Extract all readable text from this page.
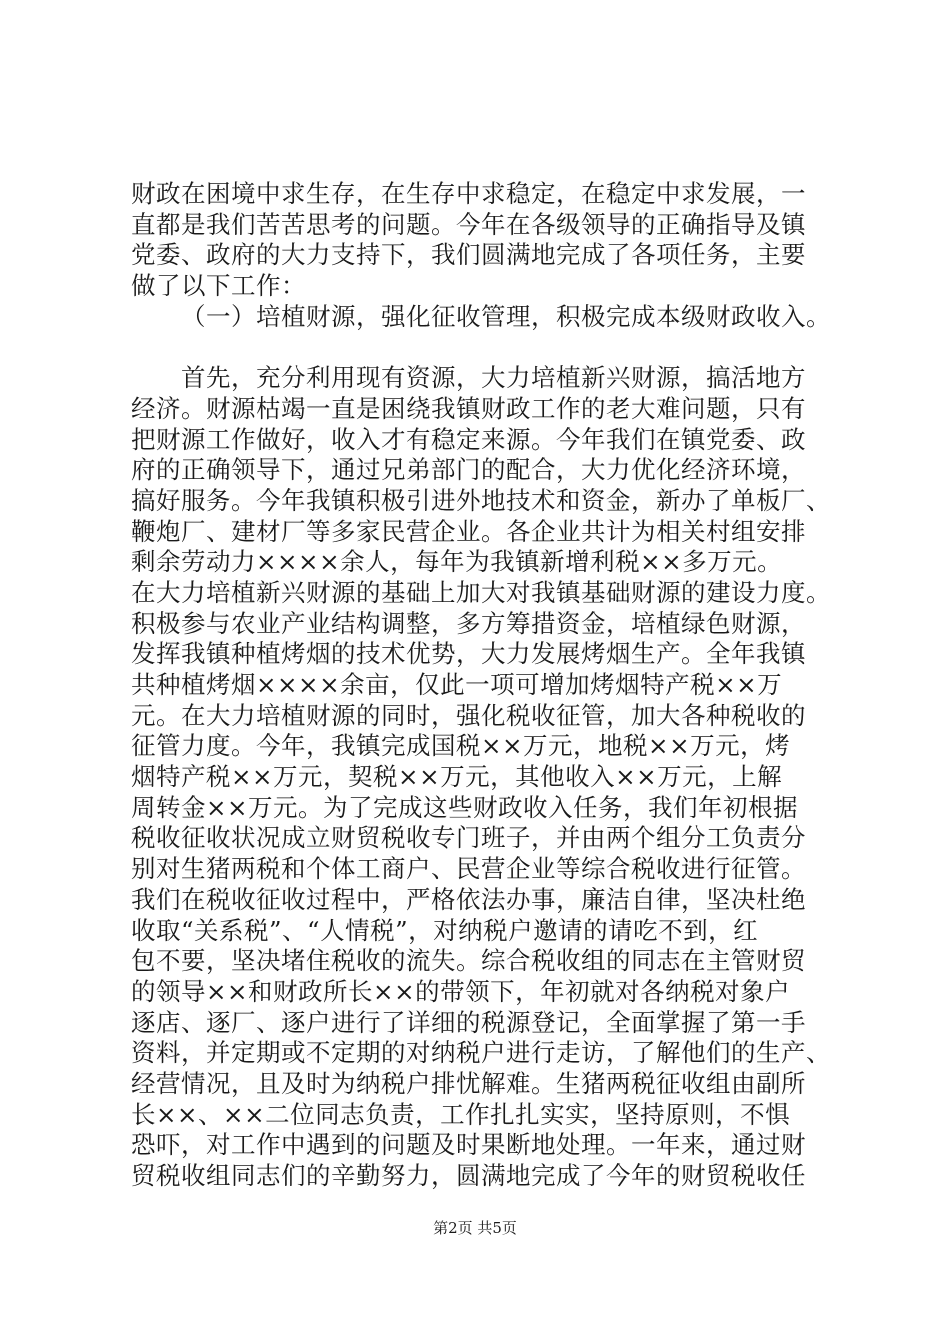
财政在困境中求生存，在生存中求稳定，在稳定中求发展，一
直都是我们苦苦思考的问题。今年在各级领导的正确指导及镇
党委、政府的大力支持下，我们圆满地完成了各项任务，主要
做了以下工作：
（一）培植财源，强化征收管理，积极完成本级财政收入。
首先，充分利用现有资源，大力培植新兴财源，搞活地方
经济。财源枯竭一直是困绕我镇财政工作的老大难问题，只有
把财源工作做好，收入才有稳定来源。今年我们在镇党委、政
府的正确领导下，通过兄弟部门的配合，大力优化经济环境，
搞好服务。今年我镇积极引进外地技术和资金，新办了单板厂、
鞭炮厂、建材厂等多家民营企业。各企业共计为相关村组安排
剩余劳动力××××余人，每年为我镇新增利税××多万元。
在大力培植新兴财源的基础上加大对我镇基础财源的建设力度。
积极参与农业产业结构调整，多方筹措资金，培植绿色财源，
发挥我镇种植烤烟的技术优势，大力发展烤烟生产。全年我镇
共种植烤烟××××余亩，仅此一项可增加烤烟特产税××万
元。在大力培植财源的同时，强化税收征管，加大各种税收的
征管力度。今年，我镇完成国税××万元，地税××万元，烤
烟特产税××万元，契税××万元，其他收入××万元，上解
周转金××万元。为了完成这些财政收入任务，我们年初根据
税收征收状况成立财贸税收专门班子，并由两个组分工负责分
别对生猪两税和个体工商户、民营企业等综合税收进行征管。
我们在税收征收过程中，严格依法办事，廉洁自律，坚决杜绝
收取“关系税”、“人情税”，对纳税户邀请的请吃不到，红
包不要，坚决堵住税收的流失。综合税收组的同志在主管财贸
的领导××和财政所长××的带领下，年初就对各纳税对象户
逐店、逐厂、逐户进行了详细的税源登记，全面掌握了第一手
资料，并定期或不定期的对纳税户进行走访，了解他们的生产、
经营情况，且及时为纳税户排忧解难。生猪两税征收组由副所
长××、××二位同志负责，工作扎扎实实，坚持原则，不惧
恐吓，对工作中遇到的问题及时果断地处理。一年来，通过财
贸税收组同志们的辛勤努力，圆满地完成了今年的财贸税收任
第2页 共5页
